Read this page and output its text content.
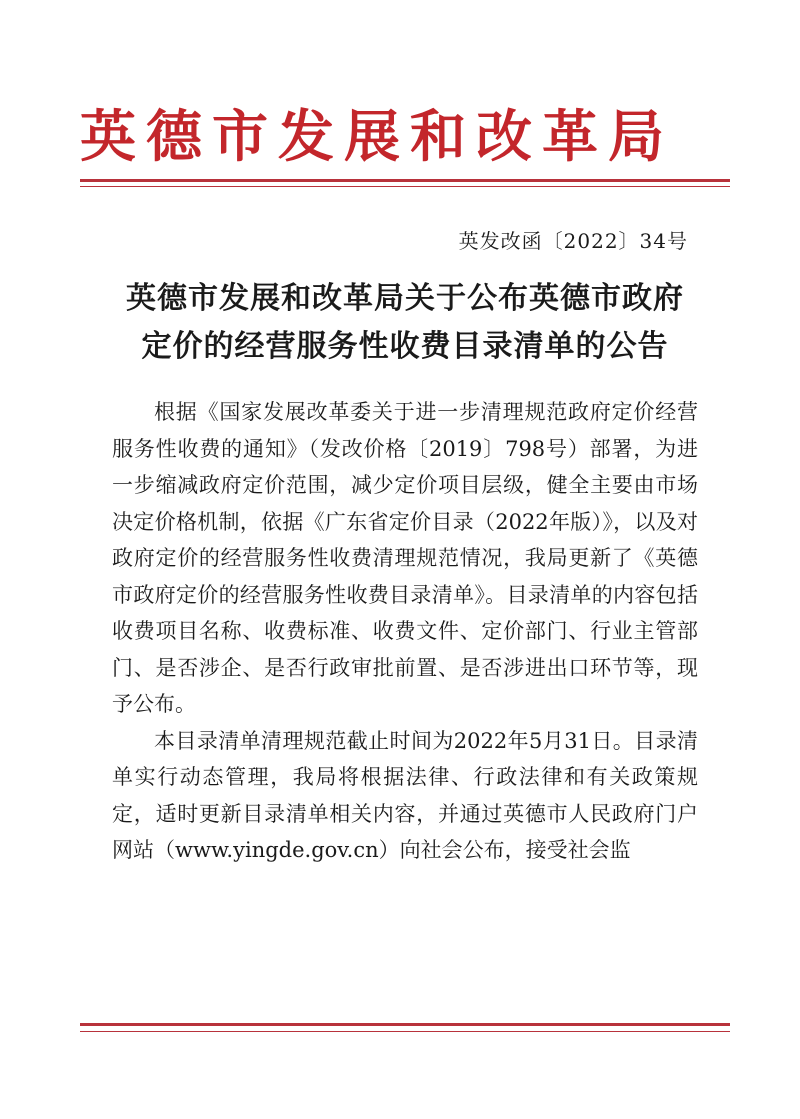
英德市发展和改革局
英发改函〔2022〕34号
英德市发展和改革局关于公布英德市政府
定价的经营服务性收费目录清单的公告

根据《国家发展改革委关于进一步清理规范政府定价经营服务性收费的通知》（发改价格〔2019〕798号）部署，为进一步缩减政府定价范围，减少定价项目层级，健全主要由市场决定价格机制，依据《广东省定价目录（2022年版）》，以及对政府定价的经营服务性收费清理规范情况，我局更新了《英德市政府定价的经营服务性收费目录清单》。目录清单的内容包括收费项目名称、收费标准、收费文件、定价部门、行业主管部门、是否涉企、是否行政审批前置、是否涉进出口环节等，现予公布。

本目录清单清理规范截止时间为2022年5月31日。目录清单实行动态管理，我局将根据法律、行政法律和有关政策规定，适时更新目录清单相关内容，并通过英德市人民政府门户网站（www.yingde.gov.cn）向社会公布，接受社会监
